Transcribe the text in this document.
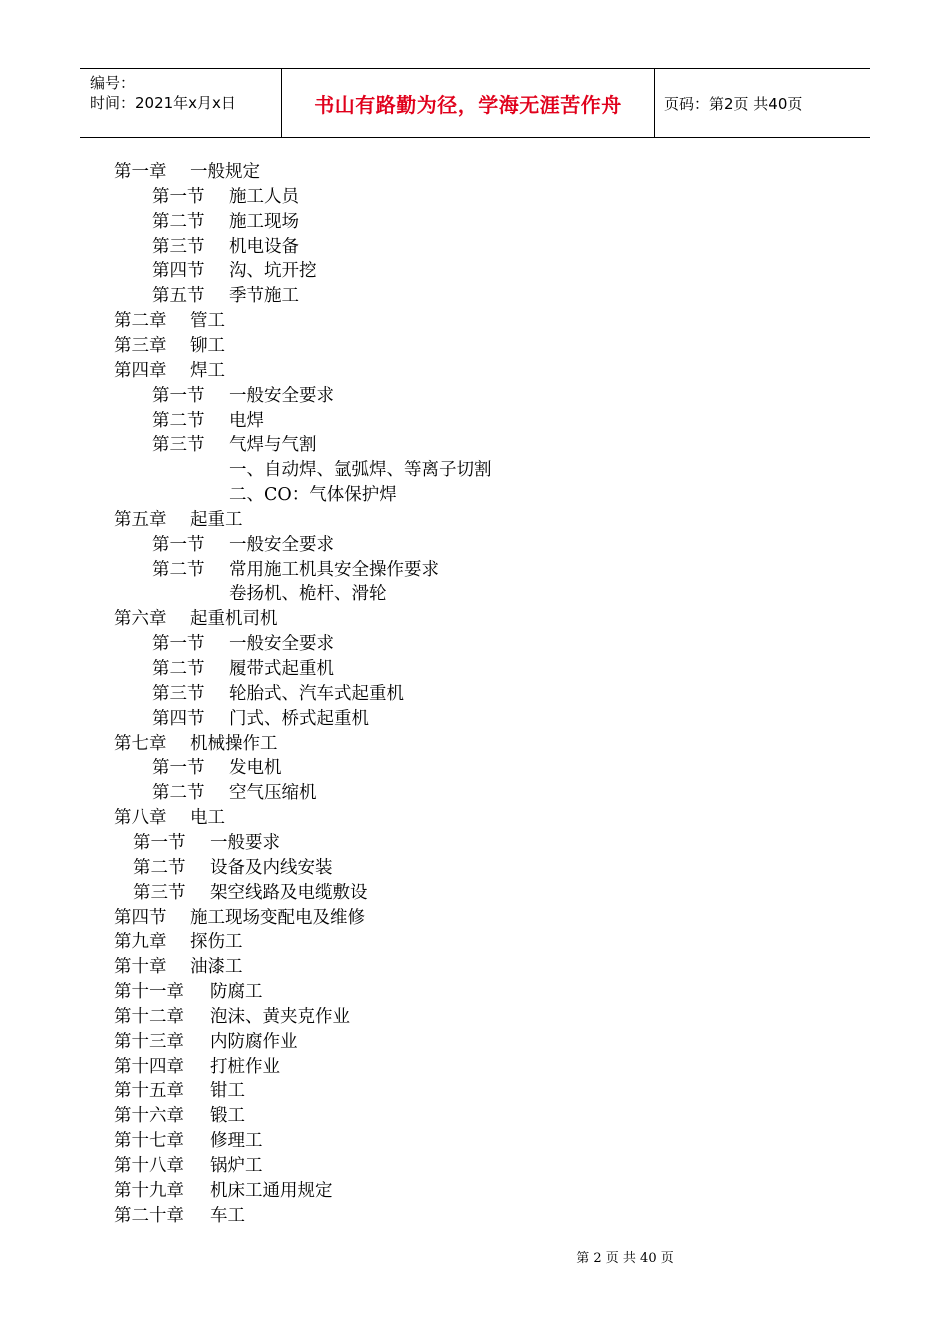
编号：
时间：2021年x月x日	书山有路勤为径，学海无涯苦作舟	页码：第2页 共40页
第一章 一般规定
第一节 施工人员
第二节 施工现场
第三节 机电设备
第四节 沟、坑开挖
第五节 季节施工
第二章 管工
第三章 铆工
第四章 焊工
第一节 一般安全要求
第二节 电焊
第三节 气焊与气割
一、自动焊、氩弧焊、等离子切割
二、CO：气体保护焊
第五章 起重工
第一节 一般安全要求
第二节 常用施工机具安全操作要求
卷扬机、桅杆、滑轮
第六章 起重机司机
第一节 一般安全要求
第二节 履带式起重机
第三节 轮胎式、汽车式起重机
第四节 门式、桥式起重机
第七章 机械操作工
第一节 发电机
第二节 空气压缩机
第八章 电工
第一节 一般要求
第二节 设备及内线安装
第三节 架空线路及电缆敷设
第四节 施工现场变配电及维修
第九章 探伤工
第十章 油漆工
第十一章 防腐工
第十二章 泡沫、黄夹克作业
第十三章 内防腐作业
第十四章 打桩作业
第十五章 钳工
第十六章 锻工
第十七章 修理工
第十八章 锅炉工
第十九章 机床工通用规定
第二十章 车工
第 2 页 共 40 页
